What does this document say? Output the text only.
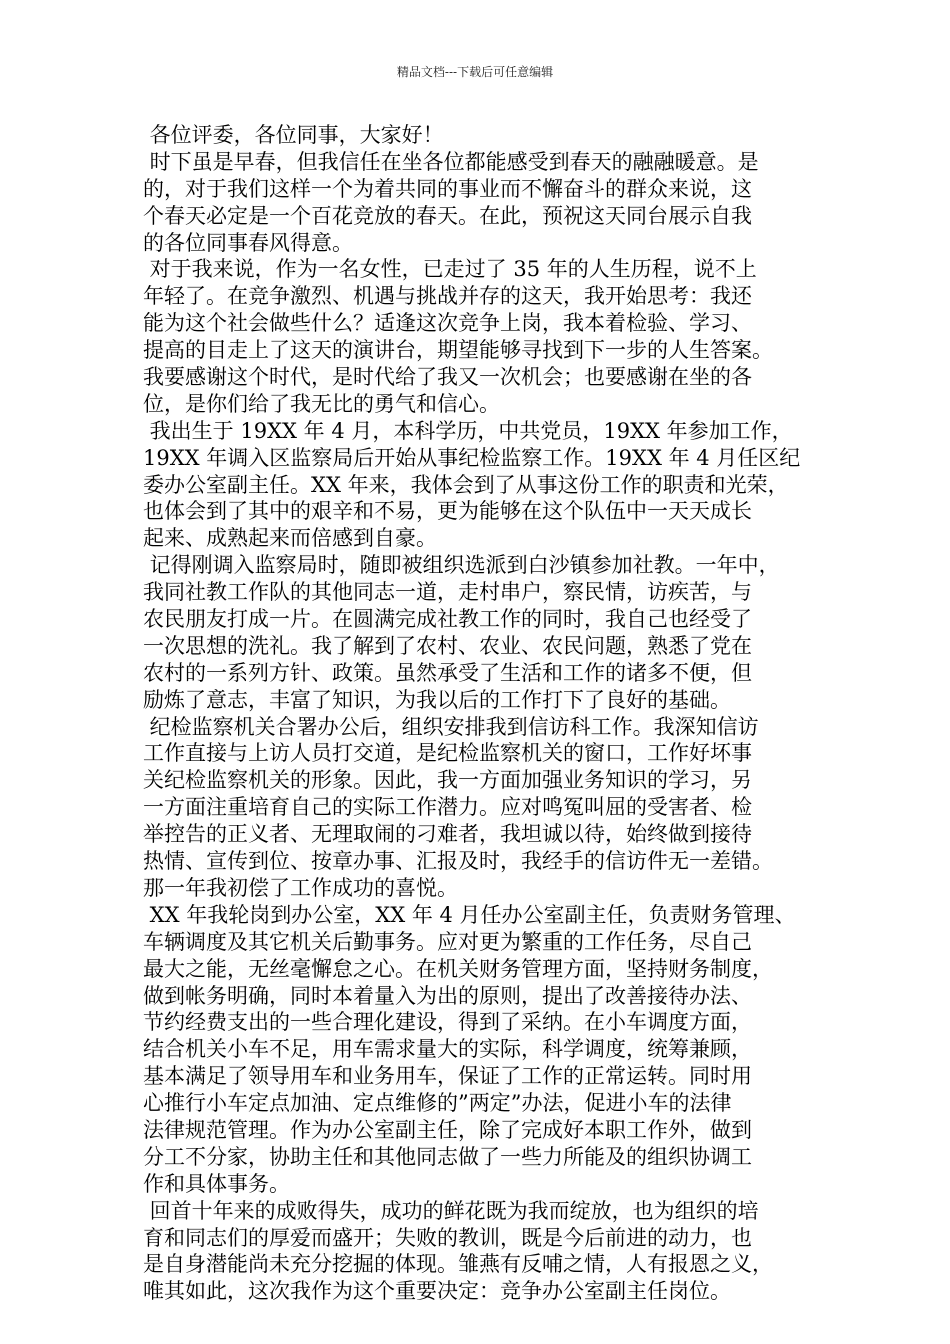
精品文档---下载后可任意编辑
各位评委，各位同事，大家好！
时下虽是早春，但我信任在坐各位都能感受到春天的融融暖意。是
的，对于我们这样一个为着共同的事业而不懈奋斗的群众来说，这
个春天必定是一个百花竞放的春天。在此，预祝这天同台展示自我
的各位同事春风得意。
对于我来说，作为一名女性，已走过了 35 年的人生历程，说不上
年轻了。在竞争激烈、机遇与挑战并存的这天，我开始思考：我还
能为这个社会做些什么？适逢这次竞争上岗，我本着检验、学习、
提高的目走上了这天的演讲台，期望能够寻找到下一步的人生答案。
我要感谢这个时代，是时代给了我又一次机会；也要感谢在坐的各
位，是你们给了我无比的勇气和信心。
我出生于 19XX 年 4 月，本科学历，中共党员，19XX 年参加工作，
19XX 年调入区监察局后开始从事纪检监察工作。19XX 年 4 月任区纪
委办公室副主任。XX 年来，我体会到了从事这份工作的职责和光荣，
也体会到了其中的艰辛和不易，更为能够在这个队伍中一天天成长
起来、成熟起来而倍感到自豪。
记得刚调入监察局时，随即被组织选派到白沙镇参加社教。一年中，
我同社教工作队的其他同志一道，走村串户，察民情，访疾苦，与
农民朋友打成一片。在圆满完成社教工作的同时，我自己也经受了
一次思想的洗礼。我了解到了农村、农业、农民问题，熟悉了党在
农村的一系列方针、政策。虽然承受了生活和工作的诸多不便，但
励炼了意志，丰富了知识，为我以后的工作打下了良好的基础。
纪检监察机关合署办公后，组织安排我到信访科工作。我深知信访
工作直接与上访人员打交道，是纪检监察机关的窗口，工作好坏事
关纪检监察机关的形象。因此，我一方面加强业务知识的学习，另
一方面注重培育自己的实际工作潜力。应对鸣冤叫屈的受害者、检
举控告的正义者、无理取闹的刁难者，我坦诚以待，始终做到接待
热情、宣传到位、按章办事、汇报及时，我经手的信访件无一差错。
那一年我初偿了工作成功的喜悦。
XX 年我轮岗到办公室，XX 年 4 月任办公室副主任，负责财务管理、
车辆调度及其它机关后勤事务。应对更为繁重的工作任务，尽自己
最大之能，无丝毫懈怠之心。在机关财务管理方面，坚持财务制度，
做到帐务明确，同时本着量入为出的原则，提出了改善接待办法、
节约经费支出的一些合理化建设，得到了采纳。在小车调度方面，
结合机关小车不足，用车需求量大的实际，科学调度，统筹兼顾，
基本满足了领导用车和业务用车，保证了工作的正常运转。同时用
心推行小车定点加油、定点维修的”两定”办法，促进小车的法律
法律规范管理。作为办公室副主任，除了完成好本职工作外，做到
分工不分家，协助主任和其他同志做了一些力所能及的组织协调工
作和具体事务。
回首十年来的成败得失，成功的鲜花既为我而绽放，也为组织的培
育和同志们的厚爱而盛开；失败的教训，既是今后前进的动力，也
是自身潜能尚未充分挖掘的体现。雏燕有反哺之情，人有报恩之义，
唯其如此，这次我作为这个重要决定：竞争办公室副主任岗位。
